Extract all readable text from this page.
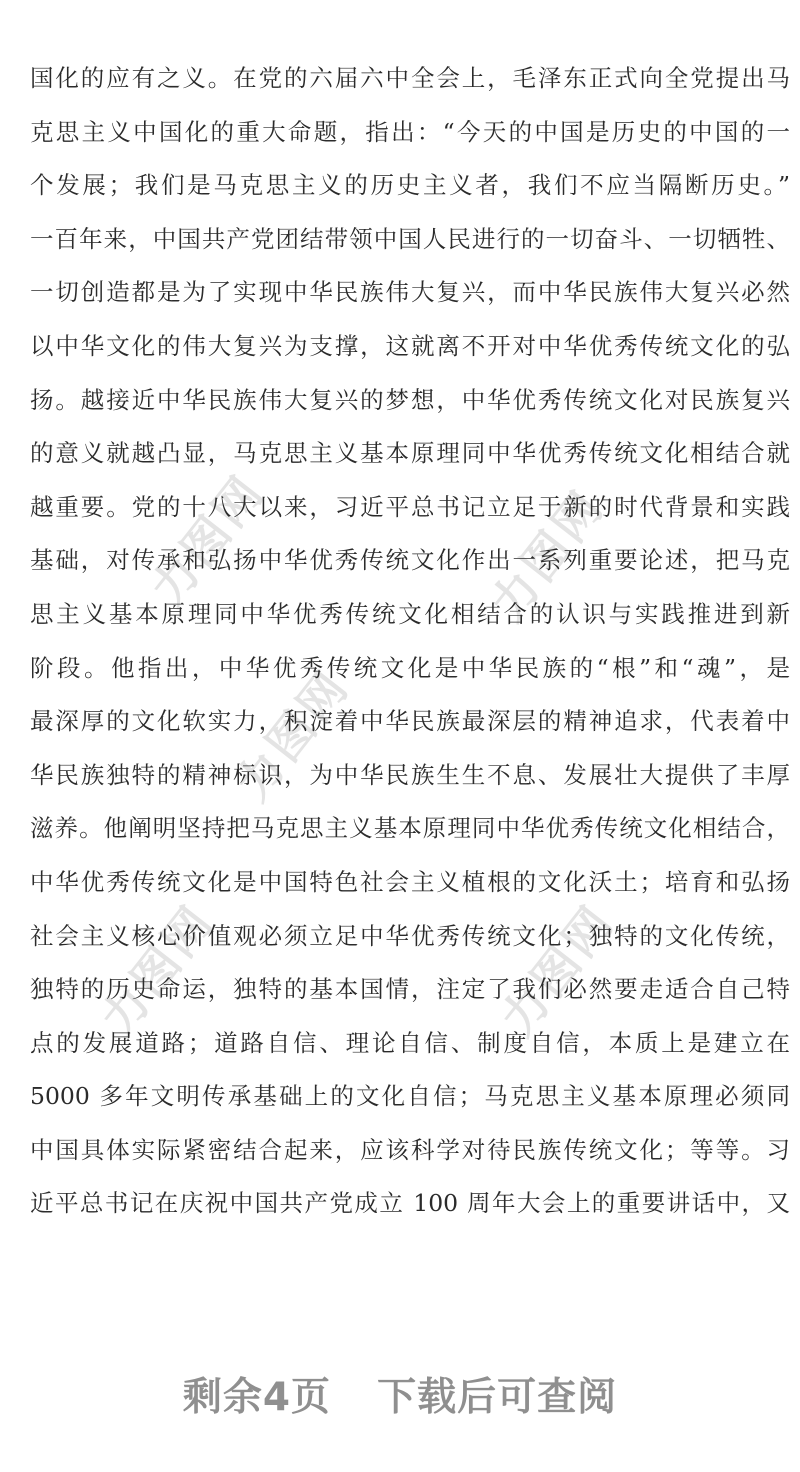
力图网	力图网
力图网
力图网	力图网
国化的应有之义。在党的六届六中全会上，毛泽东正式向全党提出马
克思主义中国化的重大命题，指出：“今天的中国是历史的中国的一
个发展；我们是马克思主义的历史主义者，我们不应当隔断历史。”
一百年来，中国共产党团结带领中国人民进行的一切奋斗、一切牺牲、
一切创造都是为了实现中华民族伟大复兴，而中华民族伟大复兴必然
以中华文化的伟大复兴为支撑，这就离不开对中华优秀传统文化的弘
扬。越接近中华民族伟大复兴的梦想，中华优秀传统文化对民族复兴
的意义就越凸显，马克思主义基本原理同中华优秀传统文化相结合就
越重要。党的十八大以来，习近平总书记立足于新的时代背景和实践
基础，对传承和弘扬中华优秀传统文化作出一系列重要论述，把马克
思主义基本原理同中华优秀传统文化相结合的认识与实践推进到新
阶段。他指出，中华优秀传统文化是中华民族的“根”和“魂”，是
最深厚的文化软实力，积淀着中华民族最深层的精神追求，代表着中
华民族独特的精神标识，为中华民族生生不息、发展壮大提供了丰厚
滋养。他阐明坚持把马克思主义基本原理同中华优秀传统文化相结合，
中华优秀传统文化是中国特色社会主义植根的文化沃土；培育和弘扬
社会主义核心价值观必须立足中华优秀传统文化；独特的文化传统，
独特的历史命运，独特的基本国情，注定了我们必然要走适合自己特
点的发展道路；道路自信、理论自信、制度自信，本质上是建立在
5000 多年文明传承基础上的文化自信；马克思主义基本原理必须同
中国具体实际紧密结合起来，应该科学对待民族传统文化；等等。习
近平总书记在庆祝中国共产党成立 100 周年大会上的重要讲话中，又
剩余4页 下载后可查阅
